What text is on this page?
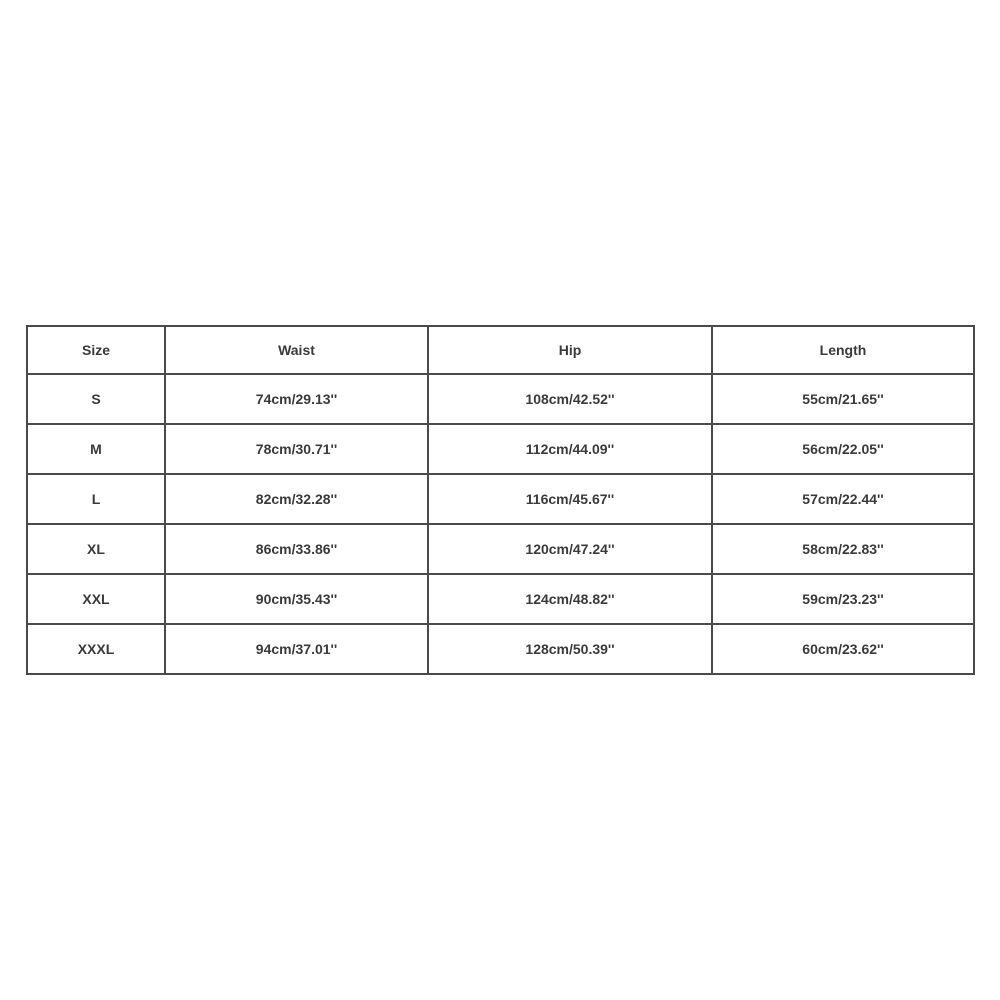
Size	Waist	Hip	Length
S	74cm/29.13''	108cm/42.52''	55cm/21.65''
M	78cm/30.71''	112cm/44.09''	56cm/22.05''
L	82cm/32.28''	116cm/45.67''	57cm/22.44''
XL	86cm/33.86''	120cm/47.24''	58cm/22.83''
XXL	90cm/35.43''	124cm/48.82''	59cm/23.23''
XXXL	94cm/37.01''	128cm/50.39''	60cm/23.62''
